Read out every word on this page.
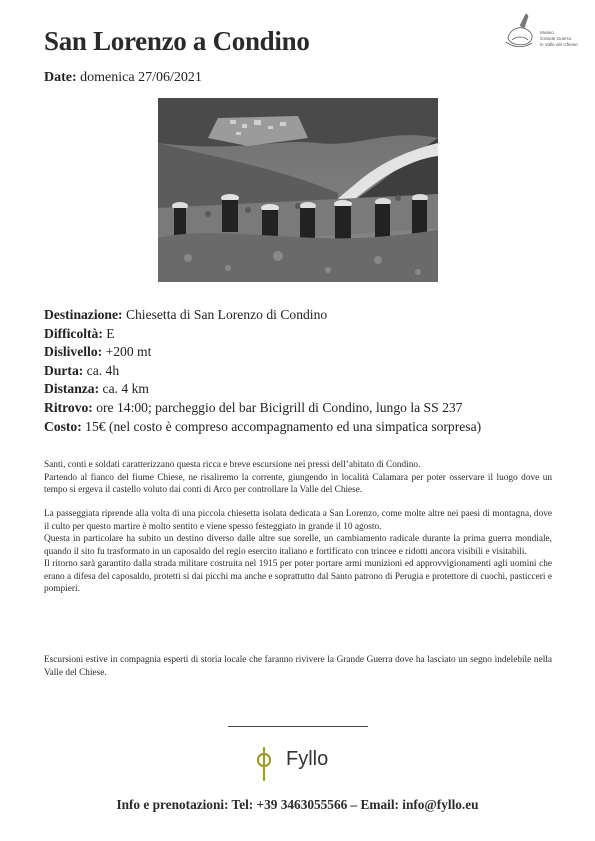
San Lorenzo a Condino	Museo
Grande Guerra
in Valle del Chiese
Date: domenica 27/06/2021
Destinazione: Chiesetta di San Lorenzo di Condino
Difficoltà: E
Dislivello: +200 mt
Durta: ca. 4h
Distanza: ca. 4 km
Ritrovo: ore 14:00; parcheggio del bar Bicigrill di Condino, lungo la SS 237
Costo: 15€ (nel costo è compreso accompagnamento ed una simpatica sorpresa)

Santi, conti e soldati caratterizzano questa ricca e breve escursione nei pressi dell’abitato di Condino.

Partendo al fianco del fiume Chiese, ne risaliremo la corrente, giungendo in località Calamara per poter osservare il luogo dove un tempo si ergeva il castello voluto dai conti di Arco per controllare la Valle del Chiese.

La passeggiata riprende alla volta di una piccola chiesetta isolata dedicata a San Lorenzo, come molte altre nei paesi di montagna, dove il culto per questo martire è molto sentito e viene spesso festeggiato in grande il 10 agosto.

Questa in particolare ha subito un destino diverso dalle altre sue sorelle, un cambiamento radicale durante la prima guerra mondiale, quando il sito fu trasformato in un caposaldo del regio esercito italiano e fortificato con trincee e ridotti ancora visibili e visitabili.

Il ritorno sarà garantito dalla strada militare costruita nel 1915 per poter portare armi munizioni ed approvvigionamenti agli uomini che erano a difesa del caposaldo, protetti si dai picchi ma anche e soprattutto dal Santo patrono di Perugia e protettore di cuochi, pasticceri e pompieri.

Escursioni estive in compagnia esperti di storia locale che faranno rivivere la Grande Guerra dove ha lasciato un segno indelebile nella Valle del Chiese.

Fyllo
Info e prenotazioni: Tel: +39 3463055566 – Email: info@fyllo.eu
